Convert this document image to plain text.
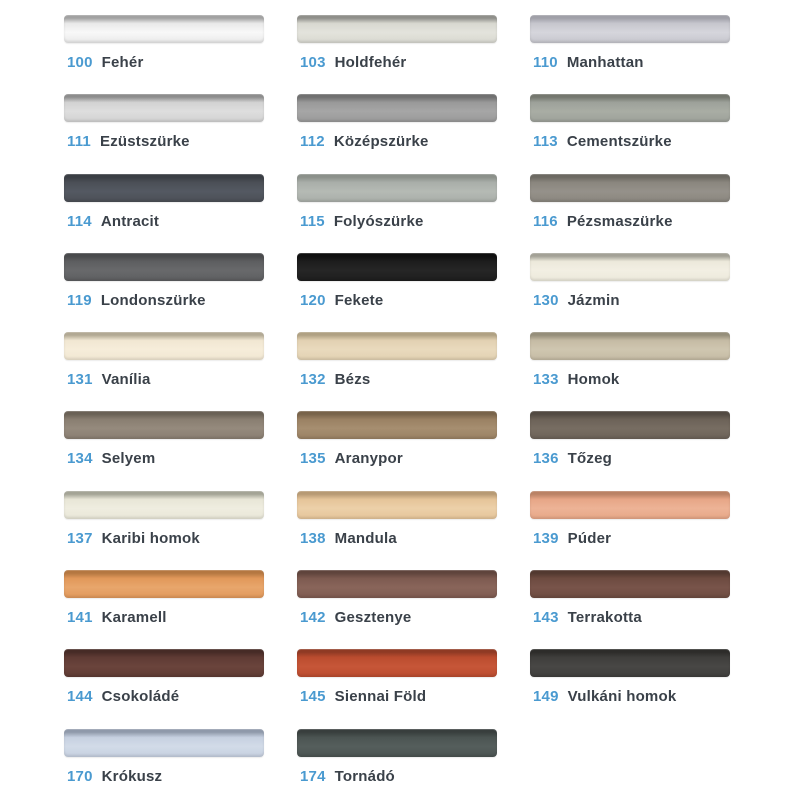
100 Fehér	103 Holdfehér	110 Manhattan
111 Ezüstszürke	112 Középszürke	113 Cementszürke
114 Antracit	115 Folyószürke	116 Pézsmaszürke
119 Londonszürke	120 Fekete	130 Jázmin
131 Vanília	132 Bézs	133 Homok
134 Selyem	135 Aranypor	136 Tőzeg
137 Karibi homok	138 Mandula	139 Púder
141 Karamell	142 Gesztenye	143 Terrakotta
144 Csokoládé	145 Siennai Föld	149 Vulkáni homok
170 Krókusz	174 Tornádó
